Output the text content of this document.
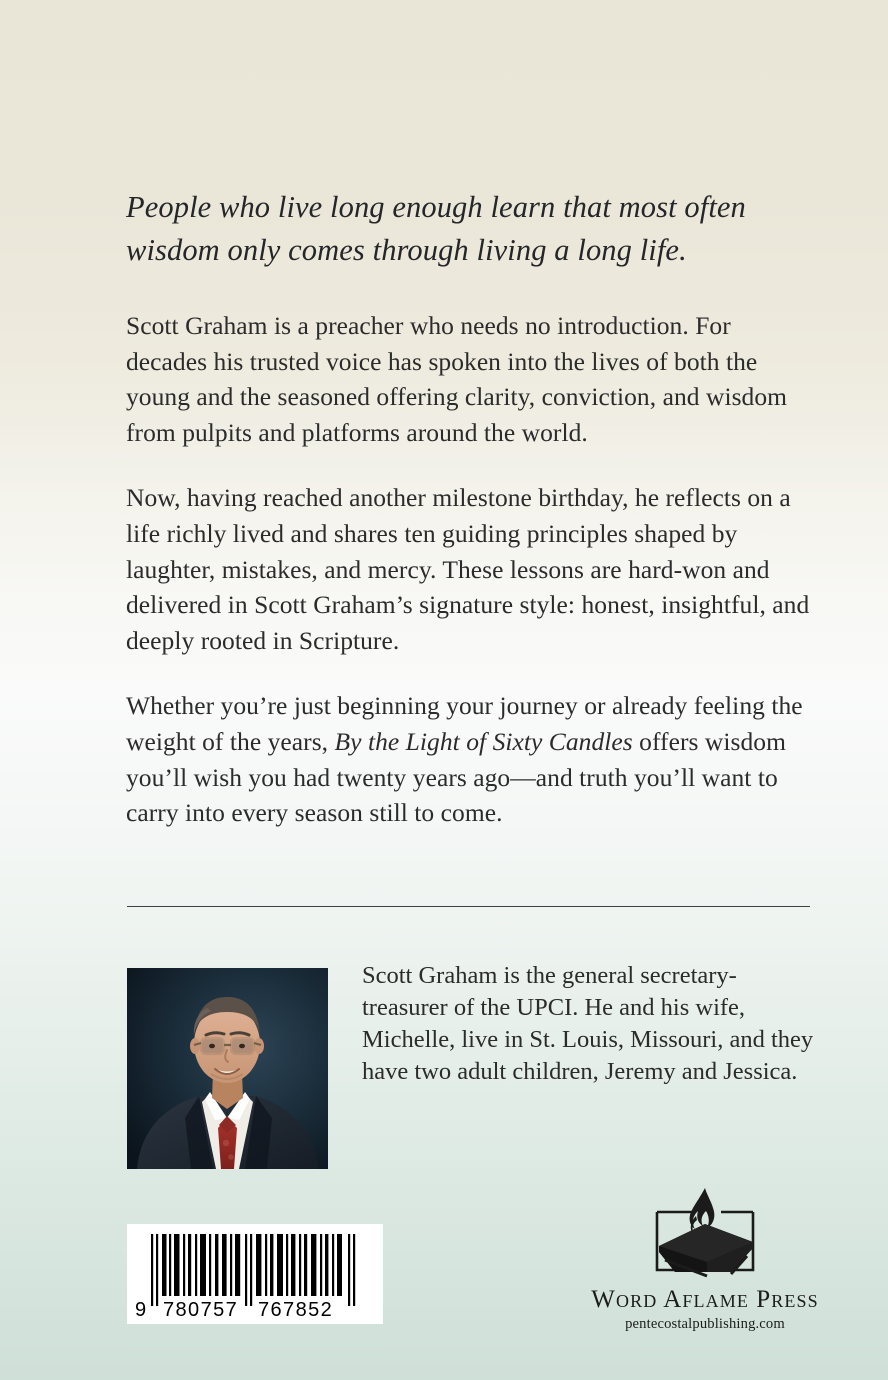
People who live long enough learn that most often wisdom only comes through living a long life.

Scott Graham is a preacher who needs no introduction. For decades his trusted voice has spoken into the lives of both the young and the seasoned offering clarity, conviction, and wisdom from pulpits and platforms around the world.

Now, having reached another milestone birthday, he reflects on a life richly lived and shares ten guiding principles shaped by laughter, mistakes, and mercy. These lessons are hard-won and delivered in Scott Graham’s signature style: honest, insightful, and deeply rooted in Scripture.

Whether you’re just beginning your journey or already feeling the weight of the years, By the Light of Sixty Candles offers wisdom you’ll wish you had twenty years ago—and truth you’ll want to carry into every season still to come.

Scott Graham is the general secretary-treasurer of the UPCI. He and his wife, Michelle, live in St. Louis, Missouri, and they have two adult children, Jeremy and Jessica.
9 780757 767852	Word Aflame Press
pentecostalpublishing.com
